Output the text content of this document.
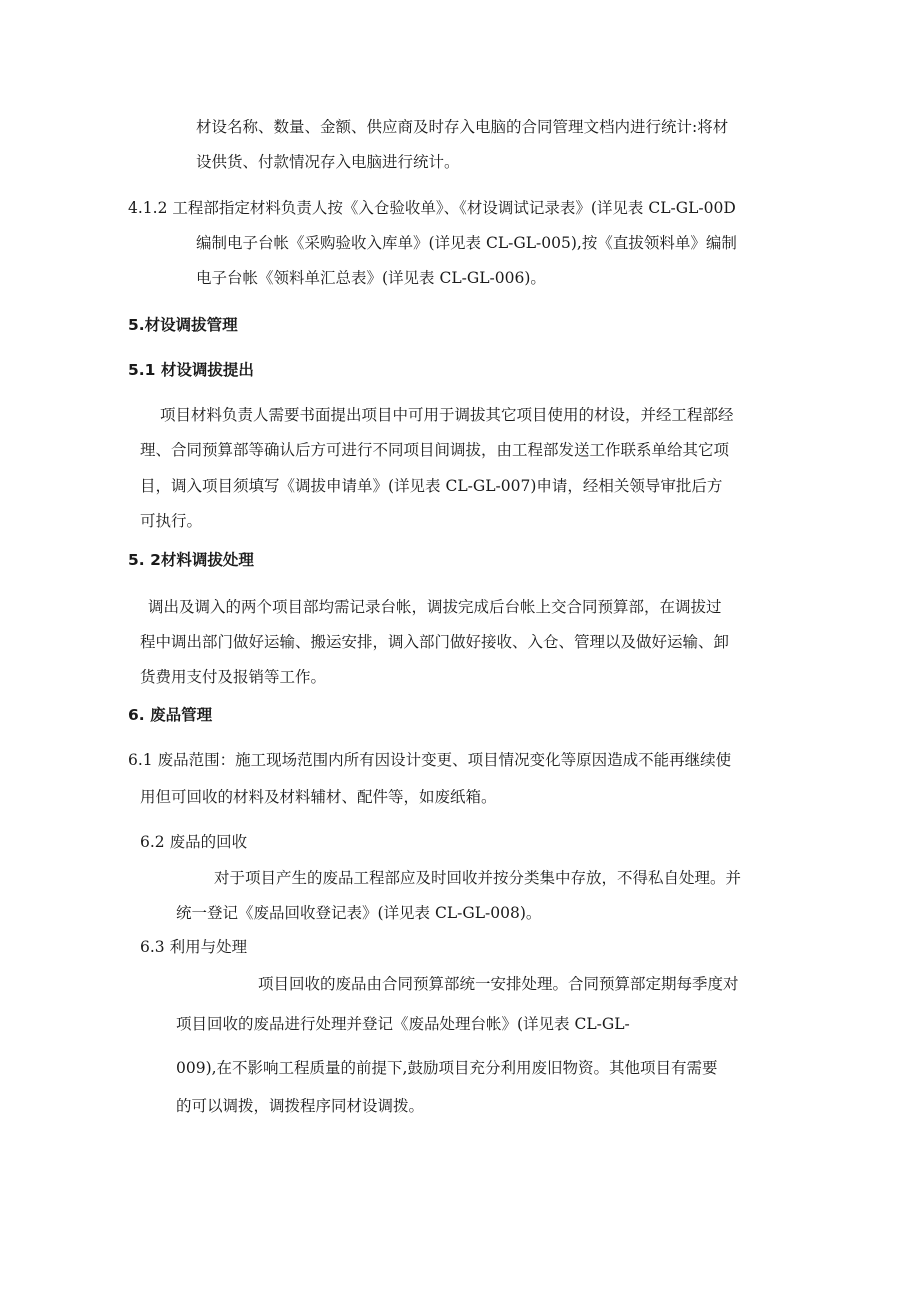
材设名称、数量、金额、供应商及时存入电脑的合同管理文档内进行统计:将材
设供货、付款情况存入电脑进行统计。
4.1.2 工程部指定材料负责人按《入仓验收单》、《材设调试记录表》(详见表 CL-GL-00D
编制电子台帐《采购验收入库单》(详见表 CL-GL-005),按《直拔领料单》编制
电子台帐《领料单汇总表》(详见表 CL-GL-006)。
5.材设调拔管理
5.1 材设调拔提出
项目材料负责人需要书面提出项目中可用于调拔其它项目使用的材设，并经工程部经
理、合同预算部等确认后方可进行不同项目间调拔，由工程部发送工作联系单给其它项
目，调入项目须填写《调拔申请单》(详见表 CL-GL-007)申请，经相关领导审批后方
可执行。
5. 2材料调拔处理
调出及调入的两个项目部均需记录台帐，调拔完成后台帐上交合同预算部，在调拔过
程中调出部门做好运输、搬运安排，调入部门做好接收、入仓、管理以及做好运输、卸
货费用支付及报销等工作。
6. 废品管理
6.1 废品范围：施工现场范围内所有因设计变更、项目情况变化等原因造成不能再继续使
用但可回收的材料及材料辅材、配件等，如废纸箱。
6.2 废品的回收
对于项目产生的废品工程部应及时回收并按分类集中存放，不得私自处理。并
统一登记《废品回收登记表》(详见表 CL-GL-008)。
6.3 利用与处理
项目回收的废品由合同预算部统一安排处理。合同预算部定期每季度对
项目回收的废品进行处理并登记《废品处理台帐》(详见表 CL-GL-
009),在不影响工程质量的前提下,鼓励项目充分利用废旧物资。其他项目有需要
的可以调拨，调拨程序同材设调拨。
